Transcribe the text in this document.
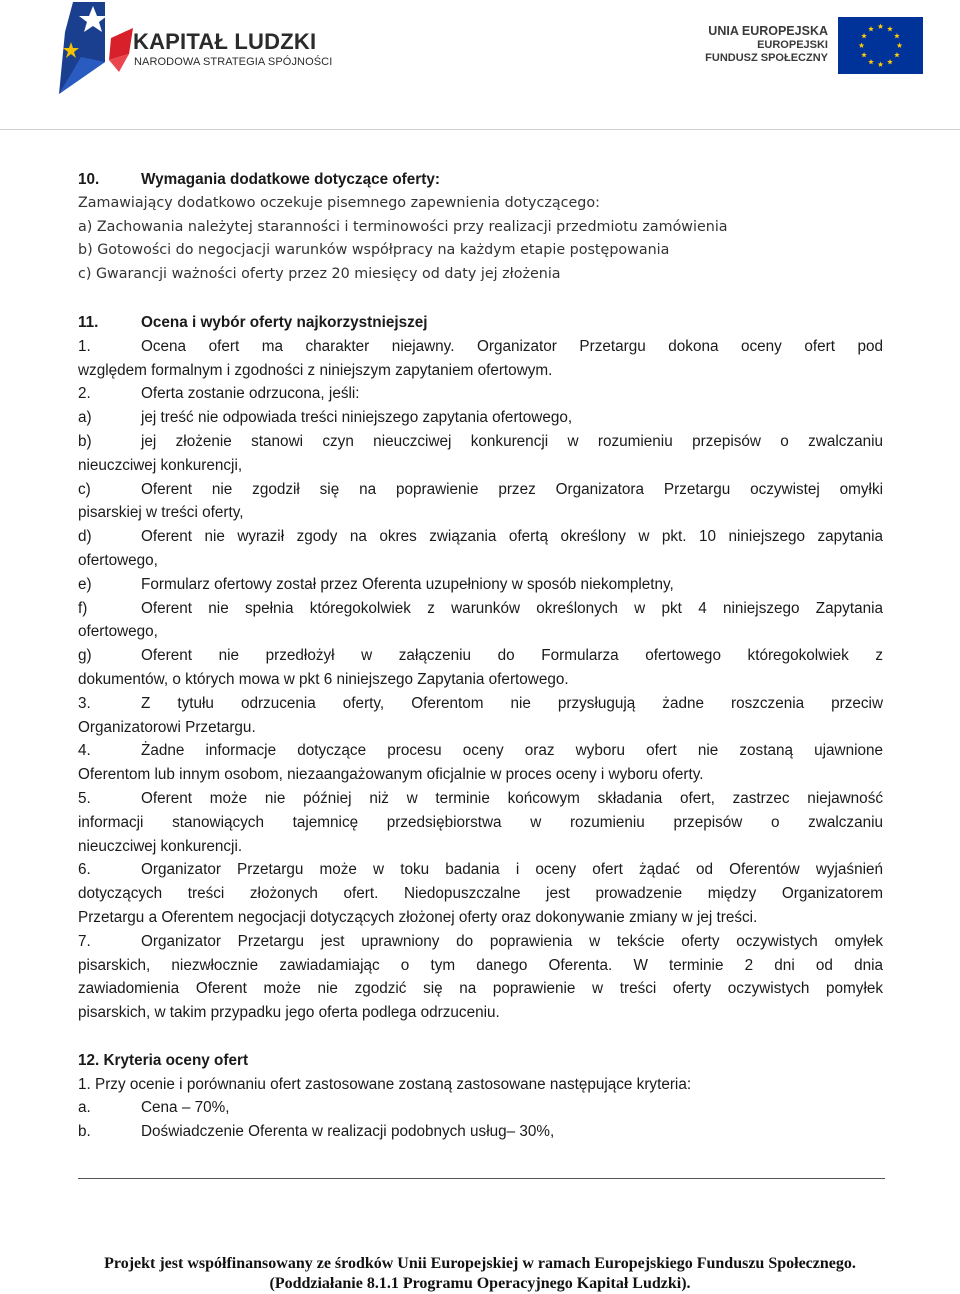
KAPITAŁ LUDZKI
NARODOWA STRATEGIA SPÓJNOŚCI
UNIA EUROPEJSKA
EUROPEJSKI
FUNDUSZ SPOŁECZNY
10.	Wymagania dodatkowe dotyczące oferty:
Zamawiający dodatkowo oczekuje pisemnego zapewnienia dotyczącego:
a) Zachowania należytej staranności i terminowości przy realizacji przedmiotu zamówienia
b) Gotowości do negocjacji warunków współpracy na każdym etapie postępowania
c) Gwarancji ważności oferty przez 20 miesięcy od daty jej złożenia
11.	Ocena i wybór oferty najkorzystniejszej
1.	Ocena ofert ma charakter niejawny. Organizator Przetargu dokona oceny ofert pod
względem formalnym i zgodności z niniejszym zapytaniem ofertowym.
2.	Oferta zostanie odrzucona, jeśli:
a)	jej treść nie odpowiada treści niniejszego zapytania ofertowego,
b)	jej złożenie stanowi czyn nieuczciwej konkurencji w rozumieniu przepisów o zwalczaniu
nieuczciwej konkurencji,
c)	Oferent nie zgodził się na poprawienie przez Organizatora Przetargu oczywistej omyłki
pisarskiej w treści oferty,
d)	Oferent nie wyraził zgody na okres związania ofertą określony w pkt. 10 niniejszego zapytania
ofertowego,
e)	Formularz ofertowy został przez Oferenta uzupełniony w sposób niekompletny,
f)	Oferent nie spełnia któregokolwiek z warunków określonych w pkt 4 niniejszego Zapytania
ofertowego,
g)	Oferent nie przedłożył w załączeniu do Formularza ofertowego któregokolwiek z
dokumentów, o których mowa w pkt 6 niniejszego Zapytania ofertowego.
3.	Z tytułu odrzucenia oferty, Oferentom nie przysługują żadne roszczenia przeciw
Organizatorowi Przetargu.
4.	Żadne informacje dotyczące procesu oceny oraz wyboru ofert nie zostaną ujawnione
Oferentom lub innym osobom, niezaangażowanym oficjalnie w proces oceny i wyboru oferty.
5.	Oferent może nie później niż w terminie końcowym składania ofert, zastrzec niejawność
informacji stanowiących tajemnicę przedsiębiorstwa w rozumieniu przepisów o zwalczaniu
nieuczciwej konkurencji.
6.	Organizator Przetargu może w toku badania i oceny ofert żądać od Oferentów wyjaśnień
dotyczących treści złożonych ofert. Niedopuszczalne jest prowadzenie między Organizatorem
Przetargu a Oferentem negocjacji dotyczących złożonej oferty oraz dokonywanie zmiany w jej treści.
7.	Organizator Przetargu jest uprawniony do poprawienia w tekście oferty oczywistych omyłek
pisarskich, niezwłocznie zawiadamiając o tym danego Oferenta. W terminie 2 dni od dnia
zawiadomienia Oferent może nie zgodzić się na poprawienie w treści oferty oczywistych pomyłek
pisarskich, w takim przypadku jego oferta podlega odrzuceniu.
12. Kryteria oceny ofert
1. Przy ocenie i porównaniu ofert zastosowane zostaną zastosowane następujące kryteria:
a.	Cena – 70%,
b.	Doświadczenie Oferenta w realizacji podobnych usług– 30%,
Projekt jest współfinansowany ze środków Unii Europejskiej w ramach Europejskiego Funduszu Społecznego.
(Poddziałanie 8.1.1 Programu Operacyjnego Kapitał Ludzki).
